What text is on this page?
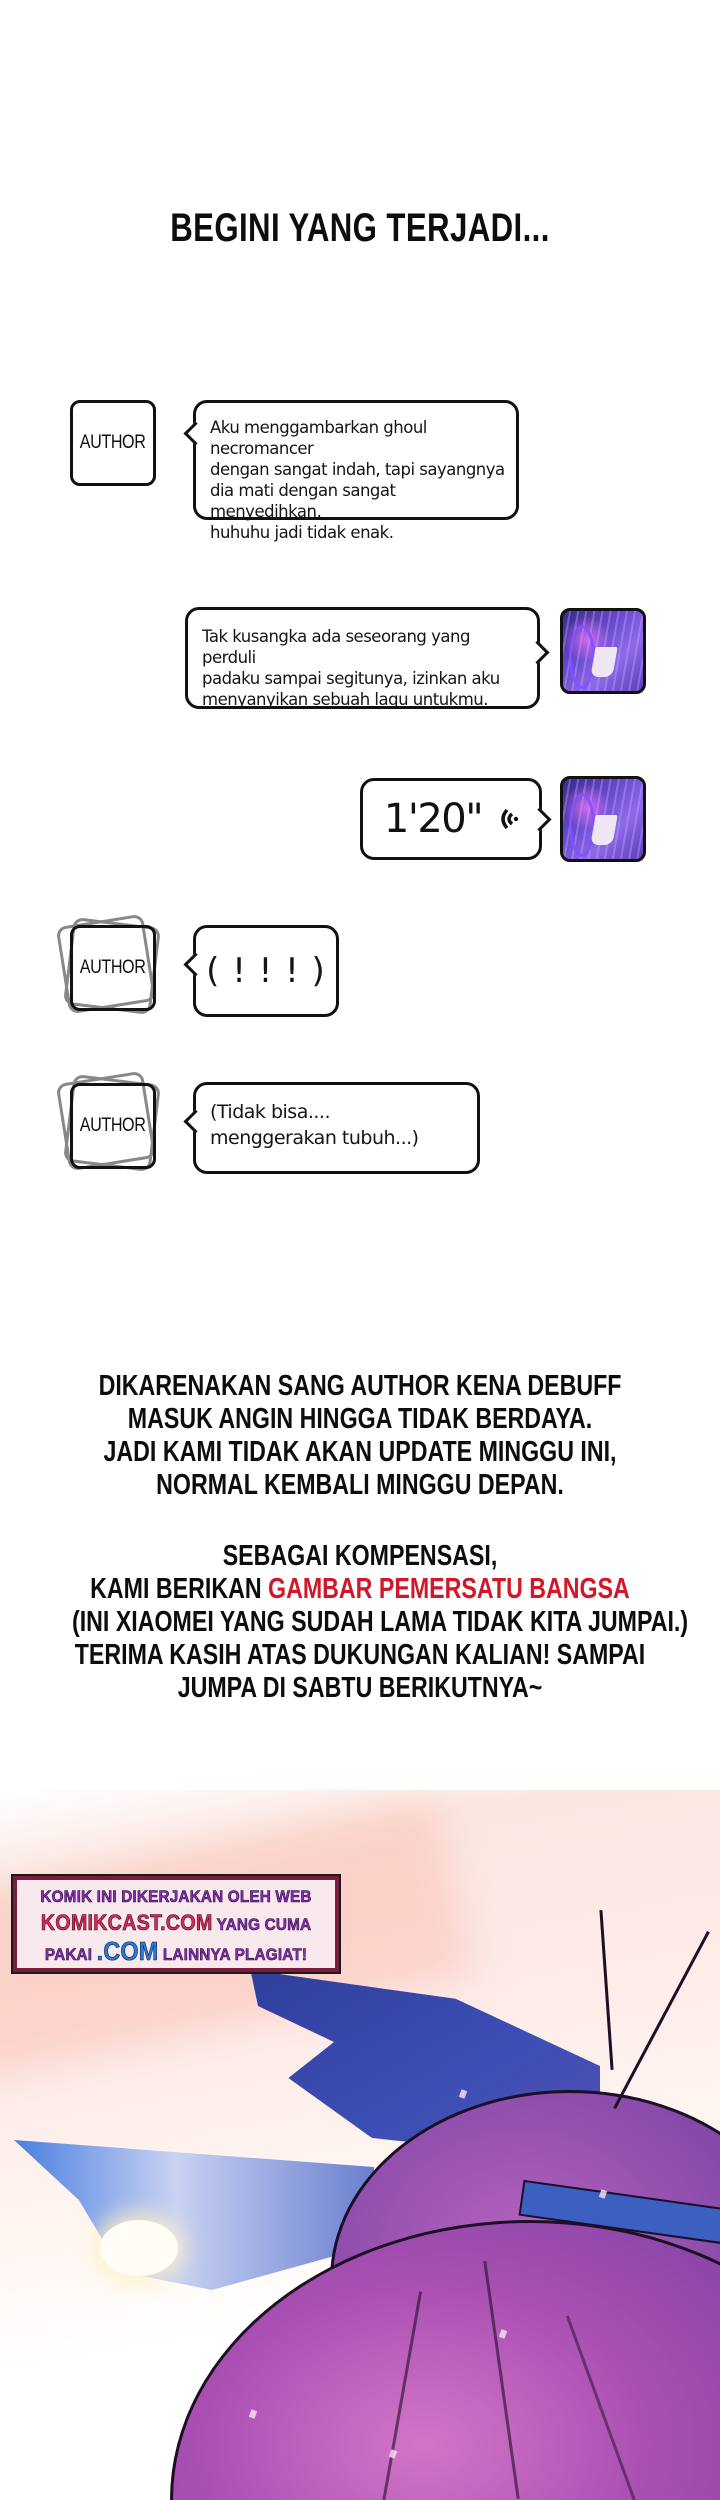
BEGINI YANG TERJADI...
AUTHOR
Aku menggambarkan ghoul necromancer
dengan sangat indah, tapi sayangnya
dia mati dengan sangat menyedihkan,
huhuhu jadi tidak enak.
Tak kusangka ada seseorang yang perduli
padaku sampai segitunya, izinkan aku
menyanyikan sebuah lagu untukmu.
1'20"
AUTHOR ( ! ! ! )
AUTHOR
(Tidak bisa....
menggerakan tubuh...)
DIKARENAKAN SANG AUTHOR KENA DEBUFF
MASUK ANGIN HINGGA TIDAK BERDAYA.
JADI KAMI TIDAK AKAN UPDATE MINGGU INI,
NORMAL KEMBALI MINGGU DEPAN.
SEBAGAI KOMPENSASI,
KAMI BERIKAN GAMBAR PEMERSATU BANGSA
(INI XIAOMEI YANG SUDAH LAMA TIDAK KITA JUMPAI.)
TERIMA KASIH ATAS DUKUNGAN KALIAN! SAMPAI
JUMPA DI SABTU BERIKUTNYA~
KOMIK INI DIKERJAKAN OLEH WEB
KOMIKCAST.COM YANG CUMA
PAKAI .COM LAINNYA PLAGIAT!
